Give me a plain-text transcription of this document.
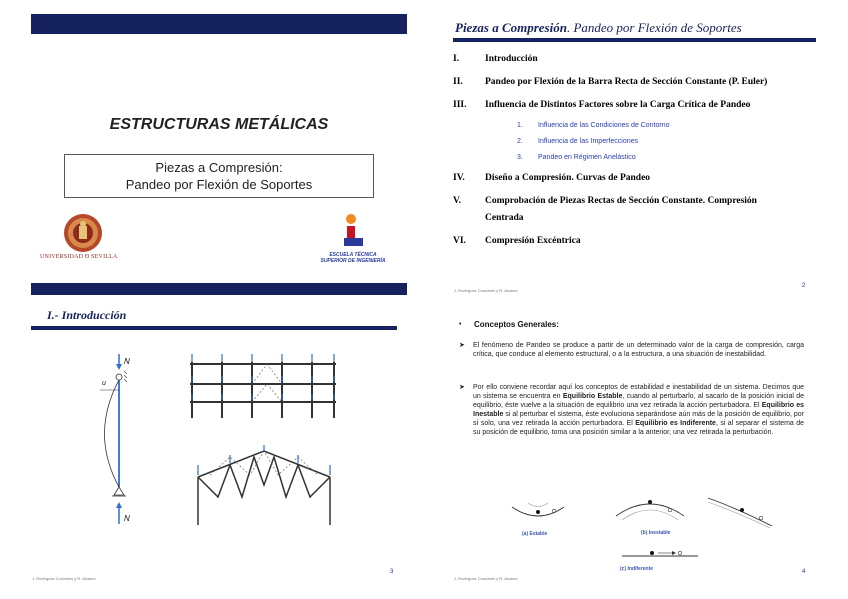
ESTRUCTURAS METÁLICAS
Piezas a Compresión:
Pandeo por Flexión de Soportes
UNIVERSIDAD Ð SEVILLA	ESCUELA TÉCNICA
SUPERIOR DE INGENIERÍA
Piezas a Compresión. Pandeo por Flexión de Soportes
I.	Introducción
II. Pandeo por Flexión de la Barra Recta de Sección Constante (P. Euler)
III. Influencia de Distintos Factores sobre la Carga Crítica de Pandeo
1. Influencia de las Condiciones de Contorno
2. Influencia de las Imperfecciones
3. Pandeo en Régimen Anelástico
IV. Diseño a Compresión. Curvas de Pandeo
V.	Comprobación de Piezas Rectas de Sección Constante. Compresión
Centrada
VI. Compresión Excéntrica
J. Rodríguez Cordobés y R. Alvarez
2
I.- Introducción
N
u
N
J. Rodríguez Cordobés y R. Alvarez
3
• Conceptos Generales:
➤ El fenómeno de Pandeo se produce a partir de un determinado valor de la carga de compresión, carga crítica, que conduce al elemento estructural, o a la estructura, a una situación de inestabilidad.
➤ Por ello conviene recordar aquí los conceptos de estabilidad e inestabilidad de un sistema. Decimos que un sistema se encuentra en Equilibrio Estable, cuando al perturbarlo, al sacarlo de la posición inicial de equilibrio, éste vuelve a la situación de equilibrio una vez retirada la acción perturbadora. El Equilibrio es Inestable si al perturbar el sistema, éste evoluciona separándose aún más de la posición de equilibrio, por sí solo, una vez retirada la acción perturbadora. El Equilibrio es Indiferente, si al separar el sistema de su posición de equilibrio, toma una posición similar a la anterior, una vez retirada la perturbación.
(a) Estable	(b) Inestable
(c) Indiferente
J. Rodríguez Cordobés y R. Alvarez
4
